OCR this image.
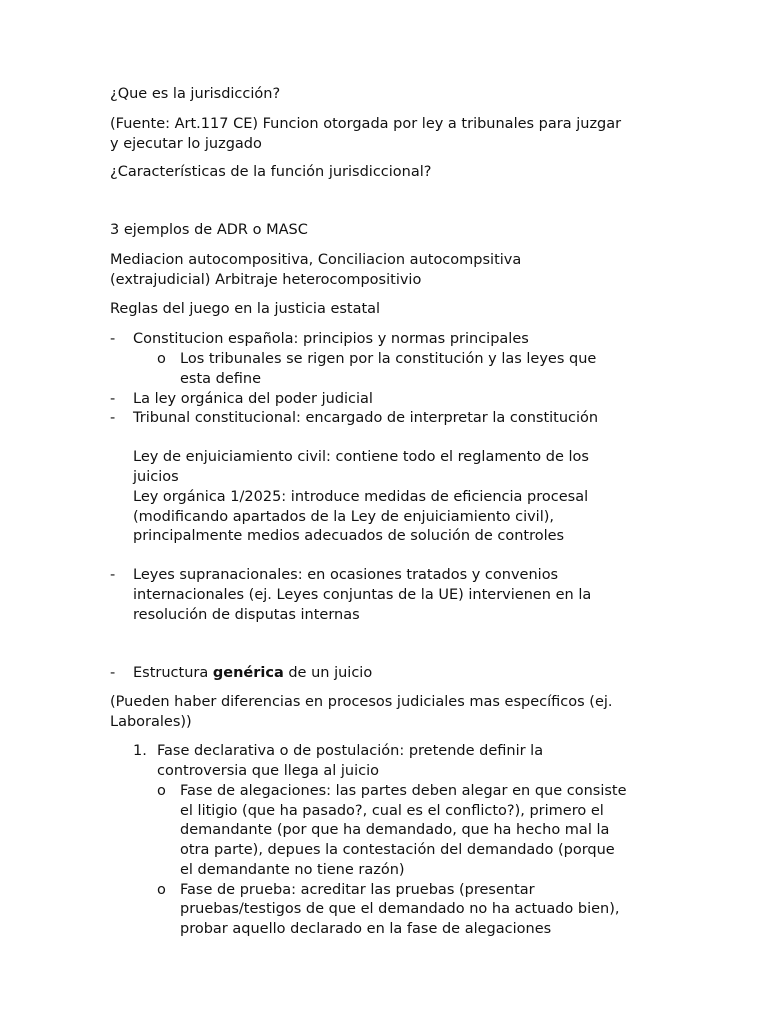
¿Que es la jurisdicción?
(Fuente: Art.117 CE) Funcion otorgada por ley a tribunales para juzgar
y ejecutar lo juzgado
¿Características de la función jurisdiccional?
3 ejemplos de ADR o MASC
Mediacion autocompositiva, Conciliacion autocompsitiva
(extrajudicial) Arbitraje heterocompositivio
Reglas del juego en la justicia estatal
- Constitucion española: principios y normas principales
o Los tribunales se rigen por la constitución y las leyes que
esta define
- La ley orgánica del poder judicial
- Tribunal constitucional: encargado de interpretar la constitución
Ley de enjuiciamiento civil: contiene todo el reglamento de los
juicios
Ley orgánica 1/2025: introduce medidas de eficiencia procesal
(modificando apartados de la Ley de enjuiciamiento civil),
principalmente medios adecuados de solución de controles
- Leyes supranacionales: en ocasiones tratados y convenios
internacionales (ej. Leyes conjuntas de la UE) intervienen en la
resolución de disputas internas
- Estructura genérica de un juicio
(Pueden haber diferencias en procesos judiciales mas específicos (ej.
Laborales))
1. Fase declarativa o de postulación: pretende definir la
controversia que llega al juicio
o Fase de alegaciones: las partes deben alegar en que consiste
el litigio (que ha pasado?, cual es el conflicto?), primero el
demandante (por que ha demandado, que ha hecho mal la
otra parte), depues la contestación del demandado (porque
el demandante no tiene razón)
o Fase de prueba: acreditar las pruebas (presentar
pruebas/testigos de que el demandado no ha actuado bien),
probar aquello declarado en la fase de alegaciones
